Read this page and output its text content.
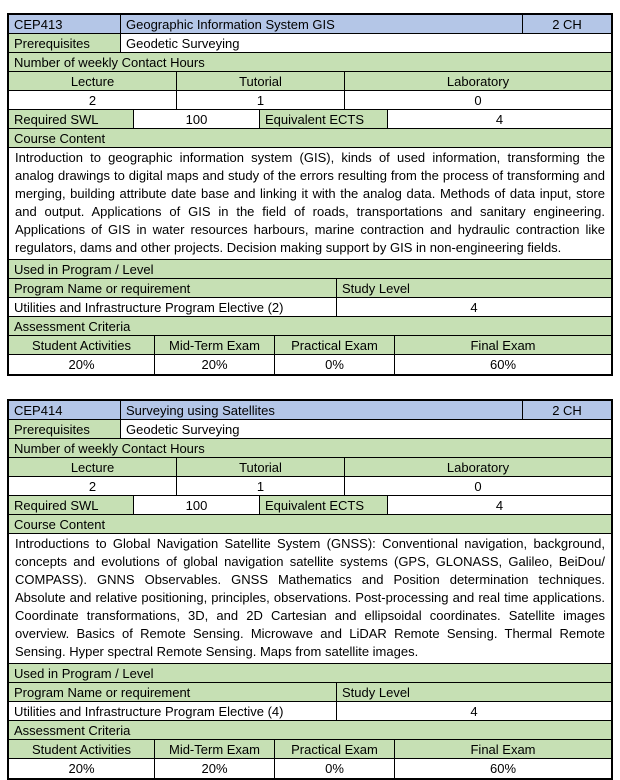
CEP413	Geographic Information System GIS	2 CH
Prerequisites	Geodetic Surveying
Number of weekly Contact Hours
Lecture	Tutorial	Laboratory
2	1	0
Required SWL	100	Equivalent ECTS	4
Course Content
Introduction to geographic information system (GIS), kinds of used information, transforming the analog drawings to digital maps and study of the errors resulting from the process of transforming and merging, building attribute date base and linking it with the analog data. Methods of data input, store and output. Applications of GIS in the field of roads, transportations and sanitary engineering. Applications of GIS in water resources harbours, marine contraction and hydraulic contraction like regulators, dams and other projects. Decision making support by GIS in non-engineering fields.
Used in Program / Level
Program Name or requirement	Study Level
Utilities and Infrastructure Program Elective (2)	4
Assessment Criteria
Student Activities	Mid-Term Exam	Practical Exam	Final Exam
20%	20%	0%	60%
CEP414	Surveying using Satellites	2 CH
Prerequisites	Geodetic Surveying
Number of weekly Contact Hours
Lecture	Tutorial	Laboratory
2	1	0
Required SWL	100	Equivalent ECTS	4
Course Content
Introductions to Global Navigation Satellite System (GNSS): Conventional navigation, background, concepts and evolutions of global navigation satellite systems (GPS, GLONASS, Galileo, BeiDou/ COMPASS). GNNS Observables. GNSS Mathematics and Position determination techniques. Absolute and relative positioning, principles, observations. Post-processing and real time applications. Coordinate transformations, 3D, and 2D Cartesian and ellipsoidal coordinates. Satellite images overview. Basics of Remote Sensing. Microwave and LiDAR Remote Sensing. Thermal Remote Sensing. Hyper spectral Remote Sensing. Maps from satellite images.
Used in Program / Level
Program Name or requirement	Study Level
Utilities and Infrastructure Program Elective (4)	4
Assessment Criteria
Student Activities	Mid-Term Exam	Practical Exam	Final Exam
20%	20%	0%	60%
